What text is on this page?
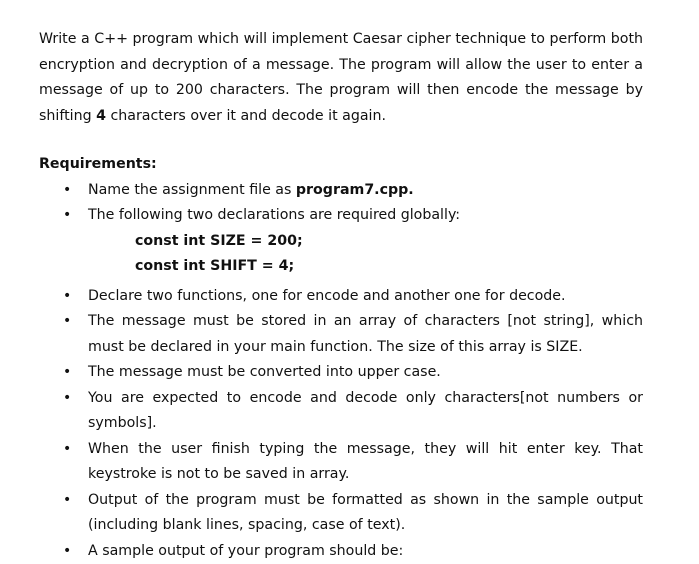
Write a C++ program which will implement Caesar cipher technique to perform both encryption and decryption of a message. The program will allow the user to enter a message of up to 200 characters. The program will then encode the message by shifting 4 characters over it and decode it again.

Requirements:

• Name the assignment file as program7.cpp.
• The following two declarations are required globally:
const int SIZE = 200;
const int SHIFT = 4;
• Declare two functions, one for encode and another one for decode.
• The message must be stored in an array of characters [not string], which must be declared in your main function. The size of this array is SIZE.
• The message must be converted into upper case.
• You are expected to encode and decode only characters[not numbers or symbols].
• When the user finish typing the message, they will hit enter key. That keystroke is not to be saved in array.
• Output of the program must be formatted as shown in the sample output (including blank lines, spacing, case of text).
• A sample output of your program should be:
